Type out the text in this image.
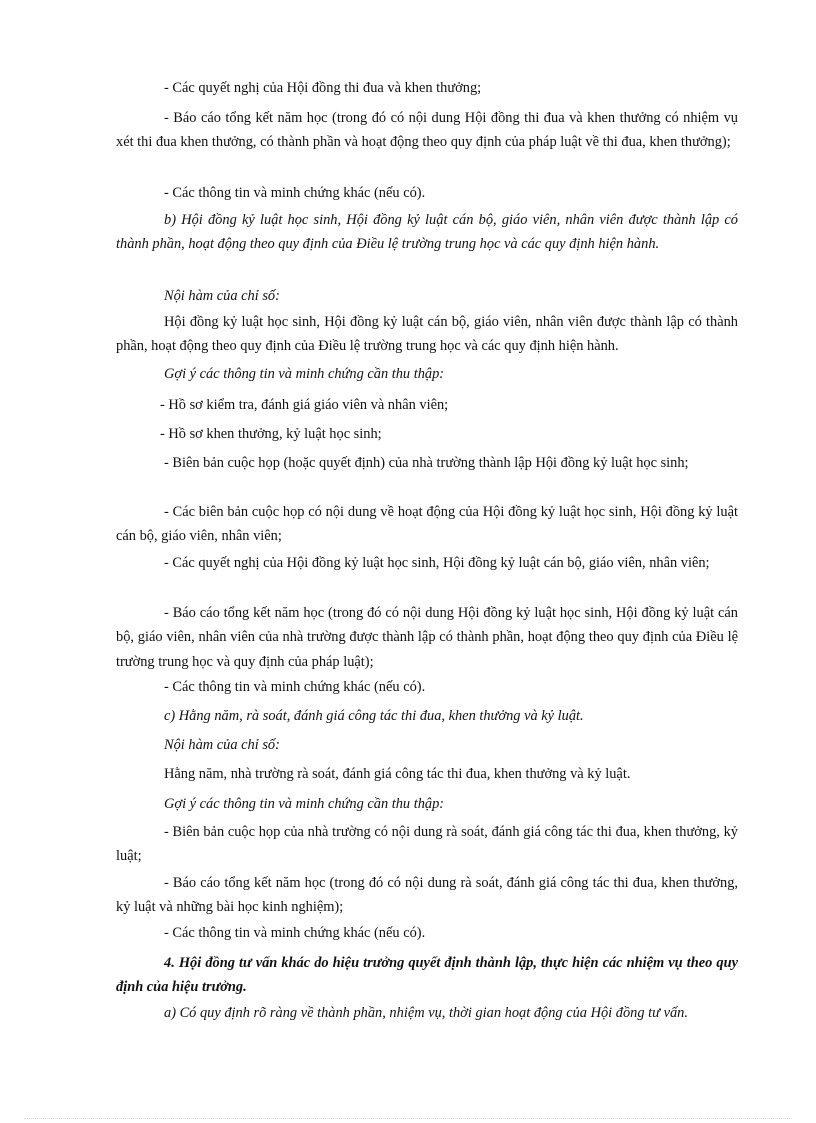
- Các quyết nghị của Hội đồng thi đua và khen thưởng;

- Báo cáo tổng kết năm học (trong đó có nội dung Hội đồng thi đua và khen thưởng có nhiệm vụ xét thi đua khen thưởng, có thành phần và hoạt động theo quy định của pháp luật về thi đua, khen thưởng);

- Các thông tin và minh chứng khác (nếu có).

b) Hội đồng kỷ luật học sinh, Hội đồng kỷ luật cán bộ, giáo viên, nhân viên được thành lập có thành phần, hoạt động theo quy định của Điều lệ trường trung học và các quy định hiện hành.

Nội hàm của chỉ số:

Hội đồng kỷ luật học sinh, Hội đồng kỷ luật cán bộ, giáo viên, nhân viên được thành lập có thành phần, hoạt động theo quy định của Điều lệ trường trung học và các quy định hiện hành.

Gợi ý các thông tin và minh chứng cần thu thập:

- Hồ sơ kiểm tra, đánh giá giáo viên và nhân viên;

- Hồ sơ khen thưởng, kỷ luật học sinh;

- Biên bản cuộc họp (hoặc quyết định) của nhà trường thành lập Hội đồng kỷ luật học sinh;

- Các biên bản cuộc họp có nội dung về hoạt động của Hội đồng kỷ luật học sinh, Hội đồng kỷ luật cán bộ, giáo viên, nhân viên;

- Các quyết nghị của Hội đồng kỷ luật học sinh, Hội đồng kỷ luật cán bộ, giáo viên, nhân viên;

- Báo cáo tổng kết năm học (trong đó có nội dung Hội đồng kỷ luật học sinh, Hội đồng kỷ luật cán bộ, giáo viên, nhân viên của nhà trường được thành lập có thành phần, hoạt động theo quy định của Điều lệ trường trung học và quy định của pháp luật);

- Các thông tin và minh chứng khác (nếu có).

c) Hằng năm, rà soát, đánh giá công tác thi đua, khen thưởng và kỷ luật.

Nội hàm của chỉ số:

Hằng năm, nhà trường rà soát, đánh giá công tác thi đua, khen thưởng và kỷ luật.

Gợi ý các thông tin và minh chứng cần thu thập:

- Biên bản cuộc họp của nhà trường có nội dung rà soát, đánh giá công tác thi đua, khen thưởng, kỷ luật;

- Báo cáo tổng kết năm học (trong đó có nội dung rà soát, đánh giá công tác thi đua, khen thưởng, kỷ luật và những bài học kinh nghiệm);

- Các thông tin và minh chứng khác (nếu có).

4. Hội đồng tư vấn khác do hiệu trưởng quyết định thành lập, thực hiện các nhiệm vụ theo quy định của hiệu trưởng.

a) Có quy định rõ ràng về thành phần, nhiệm vụ, thời gian hoạt động của Hội đồng tư vấn.
